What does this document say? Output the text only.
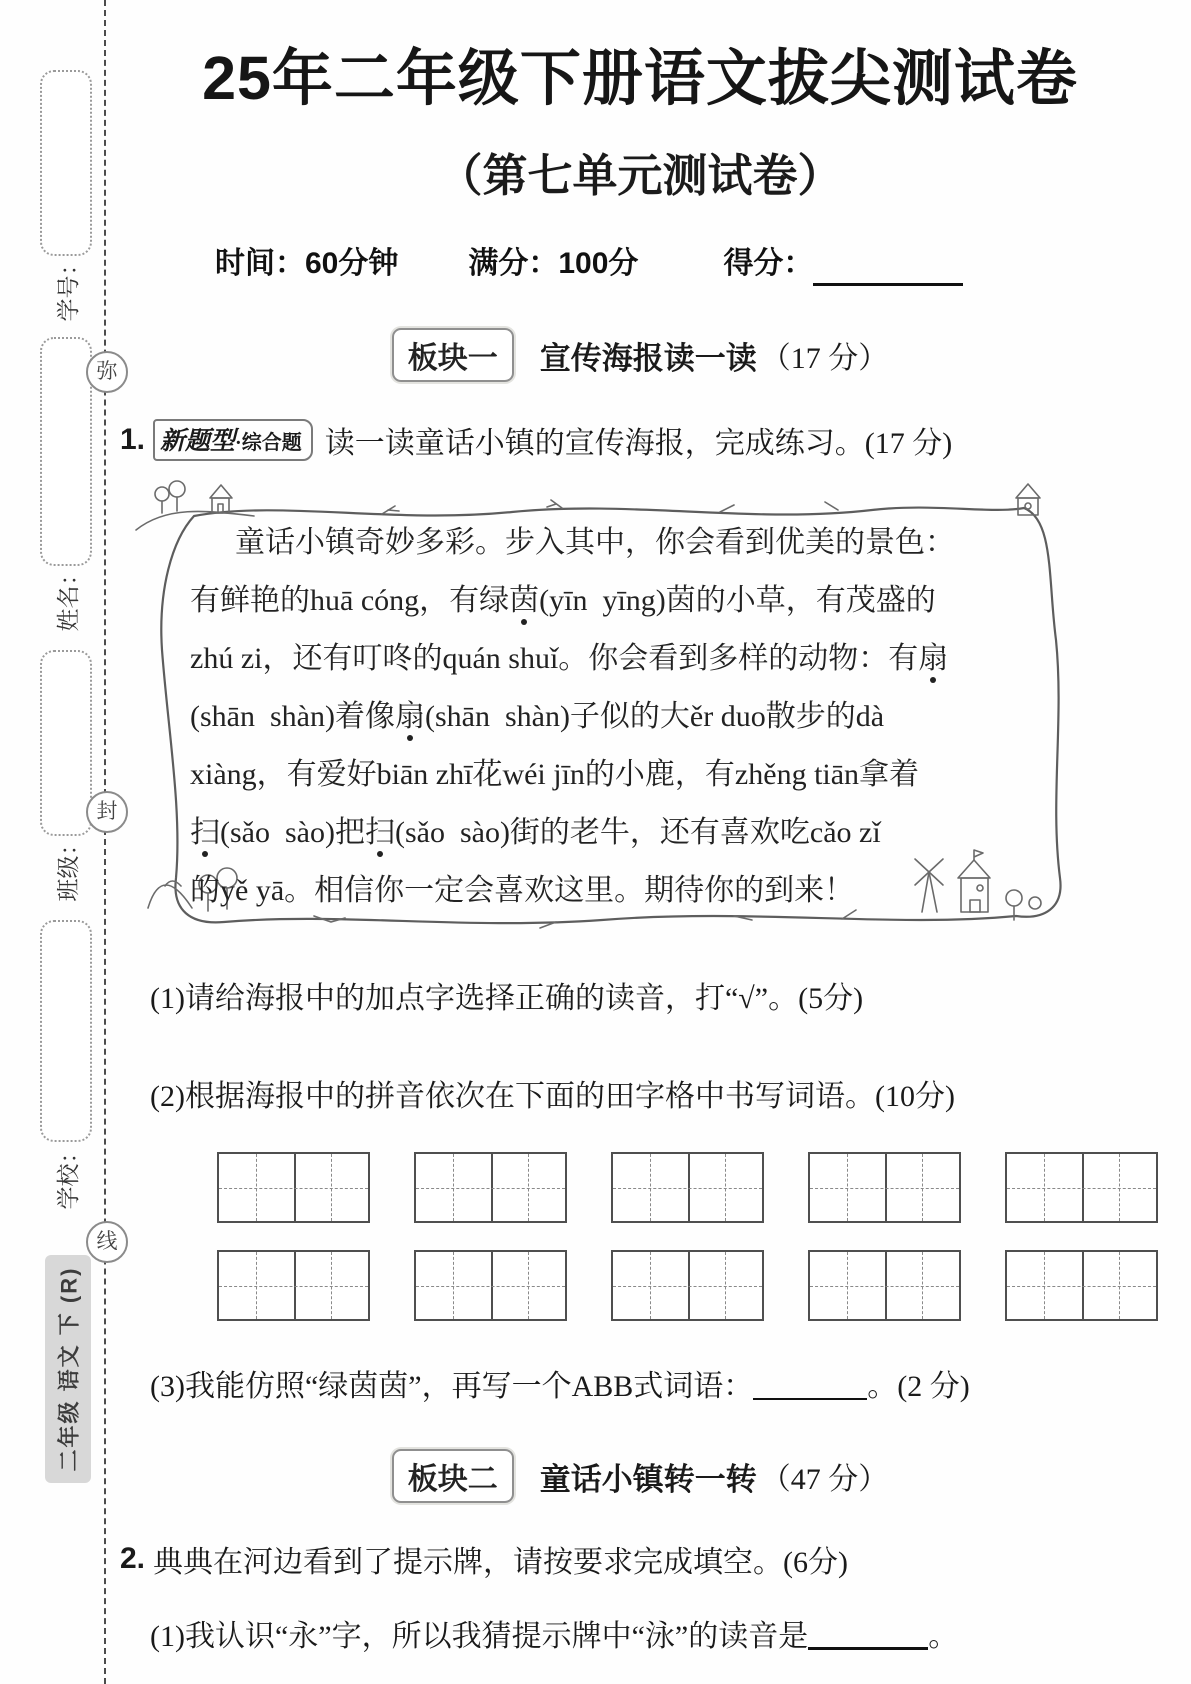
学号：
姓名：
班级：
学校：
弥
封
线
二年级 语文 下 (R)
25年二年级下册语文拔尖测试卷
（第七单元测试卷）
时间：60分钟 满分：100分	得分：
板块一	宣传海报读一读 （17 分）
1. 新题型·综合题 读一读童话小镇的宣传海报，完成练习。(17 分)
童话小镇奇妙多彩。步入其中，你会看到优美的景色：
有鲜艳的huā cóng，有绿茵(yīn  yīng)茵的小草，有茂盛的
zhú zi，还有叮咚的quán shuǐ。你会看到多样的动物：有扇
(shān  shàn)着像扇(shān  shàn)子似的大ěr duo散步的dà
xiàng，有爱好biān zhī花wéi jīn的小鹿，有zhěng tiān拿着
扫(sǎo  sào)把扫(sǎo  sào)街的老牛，还有喜欢吃cǎo zǐ
的yě yā。相信你一定会喜欢这里。期待你的到来！
(1)请给海报中的加点字选择正确的读音，打“√”。(5分)
(2)根据海报中的拼音依次在下面的田字格中书写词语。(10分)
(3)我能仿照“绿茵茵”，再写一个ABB式词语：	。(2 分)
板块二	童话小镇转一转 （47 分）
2. 典典在河边看到了提示牌，请按要求完成填空。(6分)
(1)我认识“永”字，所以我猜提示牌中“泳”的读音是	。
